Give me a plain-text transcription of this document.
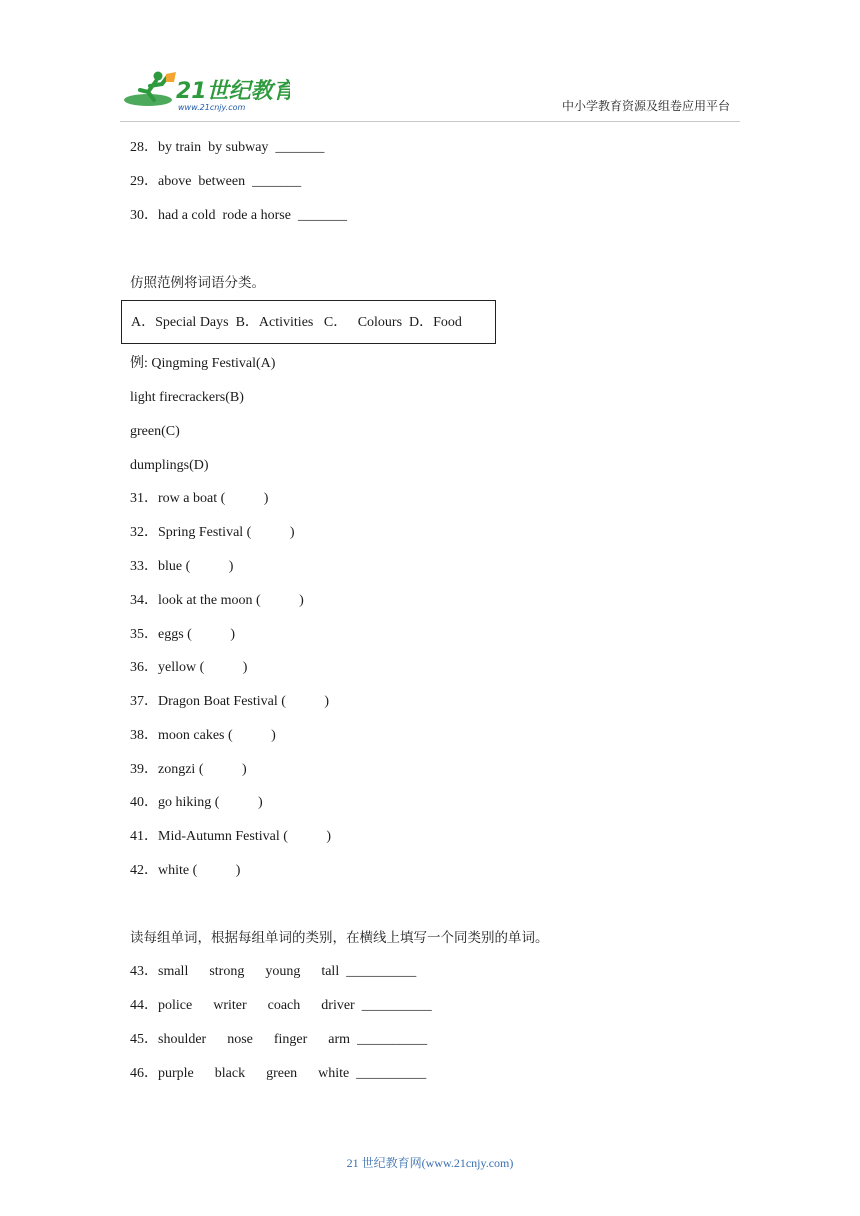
21世纪教育
www.21cnjy.com	中小学教育资源及组卷应用平台
28．by train  by subway  _______
29．above  between  _______
30．had a cold  rode a horse  _______
仿照范例将词语分类。
A．Special Days  B．Activities   C．   Colours  D．Food
例: Qingming Festival(A)
light firecrackers(B)
green(C)
dumplings(D)
31．row a boat (           )
32．Spring Festival (           )
33．blue (           )
34．look at the moon (           )
35．eggs (           )
36．yellow (           )
37．Dragon Boat Festival (           )
38．moon cakes (           )
39．zongzi (           )
40．go hiking (           )
41．Mid-Autumn Festival (           )
42．white (           )
读每组单词，根据每组单词的类别，在横线上填写一个同类别的单词。
43．small      strong      young      tall  __________
44．police      writer      coach      driver  __________
45．shoulder      nose      finger      arm  __________
46．purple      black      green      white  __________
21 世纪教育网(www.21cnjy.com)
